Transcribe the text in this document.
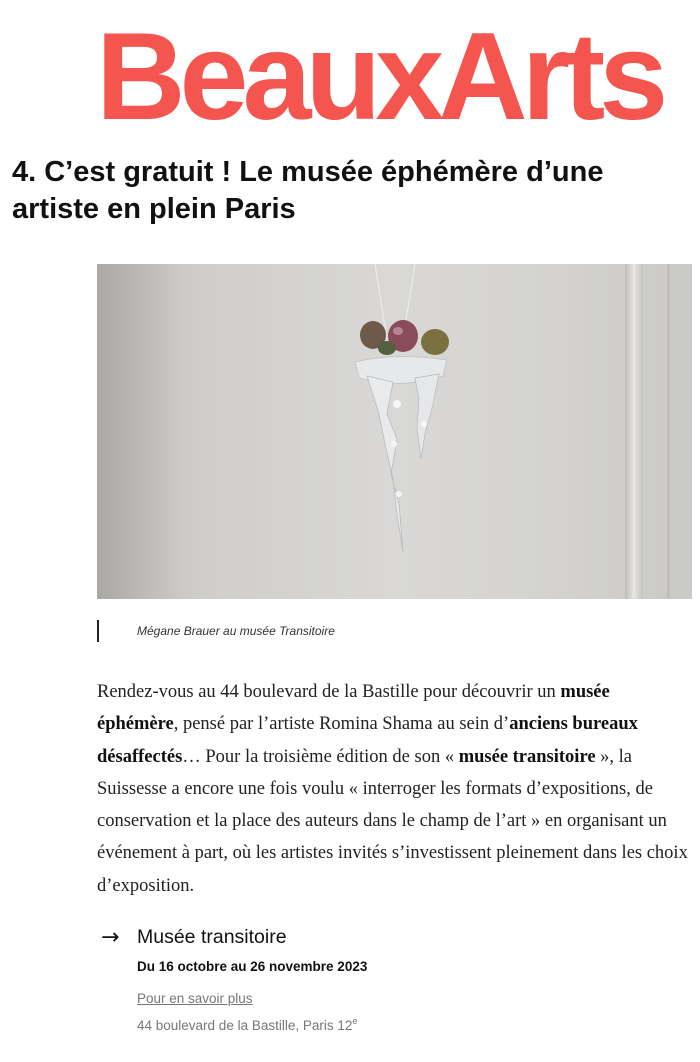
BeauxArts
4. C’est gratuit ! Le musée éphémère d’une artiste en plein Paris
Mégane Brauer au musée Transitoire

Rendez-vous au 44 boulevard de la Bastille pour découvrir un musée éphémère, pensé par l’artiste Romina Shama au sein d’anciens bureaux désaffectés… Pour la troisième édition de son « musée transitoire », la Suissesse a encore une fois voulu « interroger les formats d’expositions, de conservation et la place des auteurs dans le champ de l’art » en organisant un événement à part, où les artistes invités s’investissent pleinement dans les choix d’exposition.

→ Musée transitoire
Du 16 octobre au 26 novembre 2023
Pour en savoir plus
44 boulevard de la Bastille, Paris 12e
